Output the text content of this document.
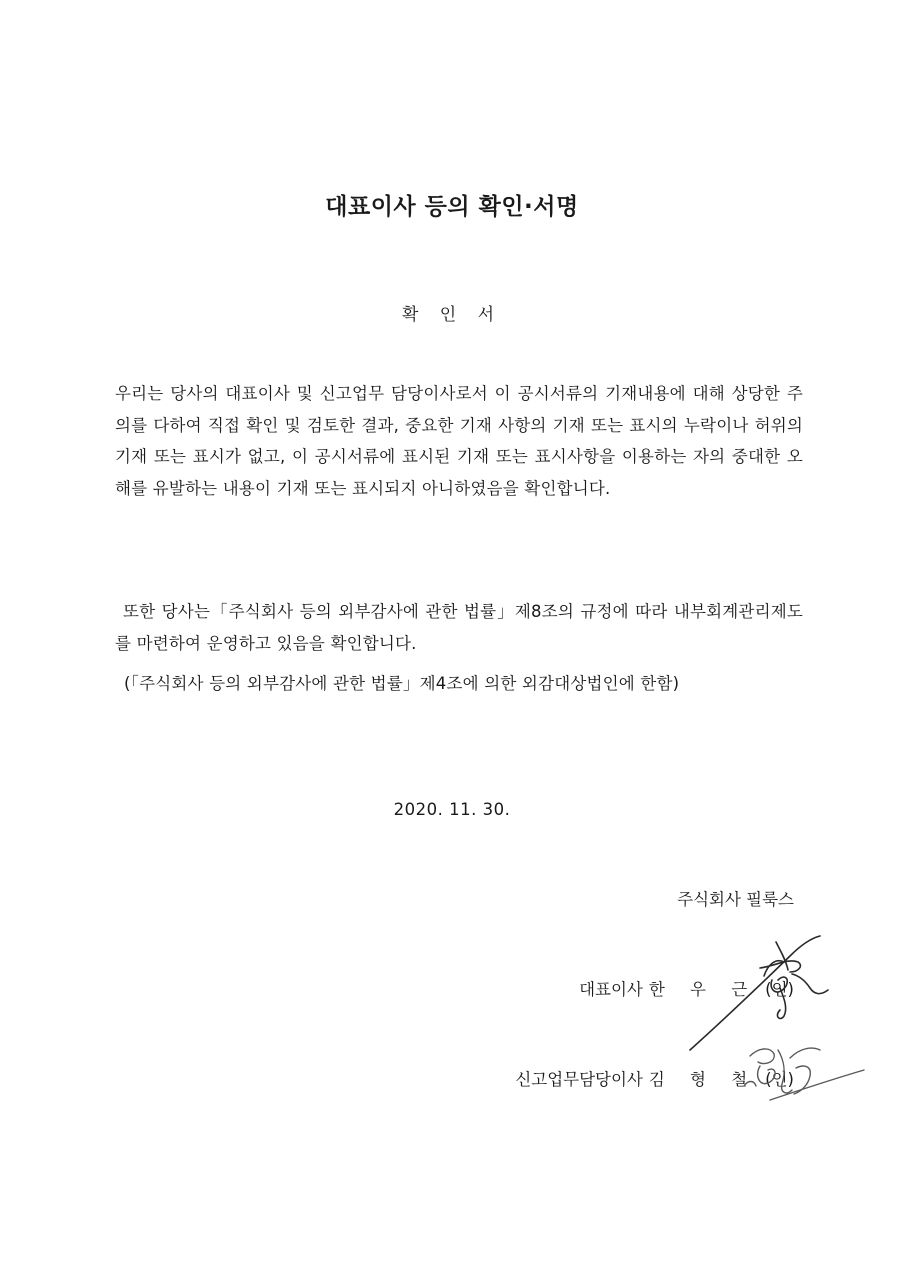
대표이사 등의 확인·서명
확 인 서
우리는 당사의 대표이사 및 신고업무 담당이사로서 이 공시서류의 기재내용에 대해 상당한 주의를 다하여 직접 확인 및 검토한 결과, 중요한 기재 사항의 기재 또는 표시의 누락이나 허위의 기재 또는 표시가 없고, 이 공시서류에 표시된 기재 또는 표시사항을 이용하는 자의 중대한 오해를 유발하는 내용이 기재 또는 표시되지 아니하였음을 확인합니다.
또한 당사는「주식회사 등의 외부감사에 관한 법률」제8조의 규정에 따라 내부회계관리제도를 마련하여 운영하고 있음을 확인합니다.
(「주식회사 등의 외부감사에 관한 법률」제4조에 의한 외감대상법인에 한함)
2020. 11. 30.
주식회사 필룩스
대표이사 한 우 근 (인)
신고업무담당이사 김 형 철 (인)
